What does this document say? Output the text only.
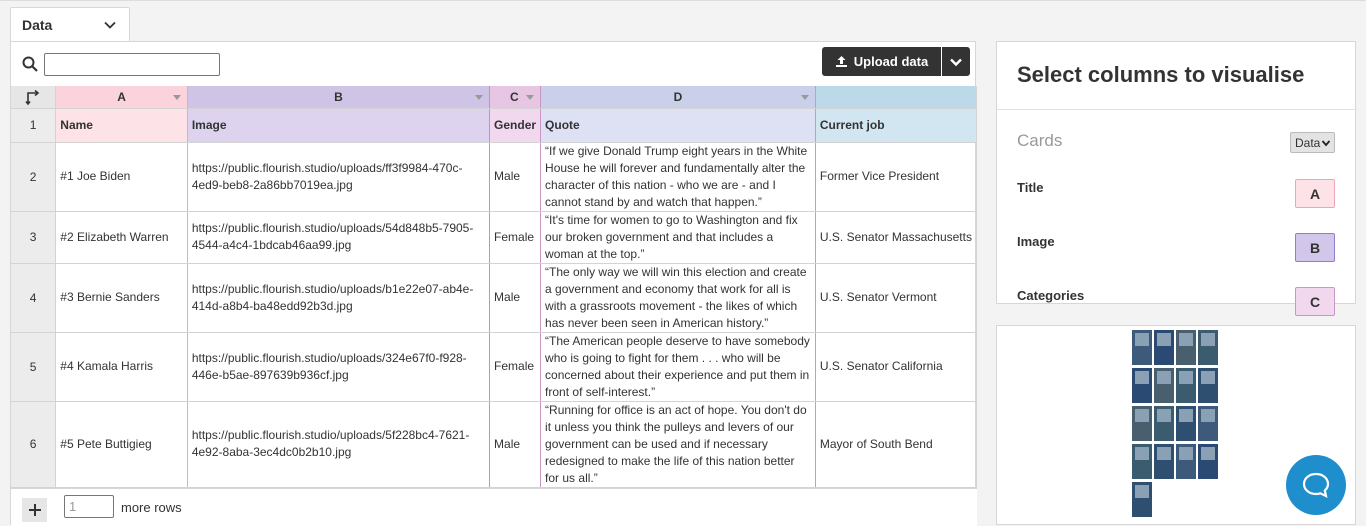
Data
Upload data
	A	B	C	D

1	Name	Image	Gender	Quote	Current job
2	#1 Joe Biden	https://public.flourish.studio/uploads/ff3f9984-470c-4ed9-beb8-2a86bb7019ea.jpg	Male	“If we give Donald Trump eight years in the White House he will forever and fundamentally alter the character of this nation - who we are - and I cannot stand by and watch that happen.”	Former Vice President
3	#2 Elizabeth Warren	https://public.flourish.studio/uploads/54d848b5-7905-4544-a4c4-1bdcab46aa99.jpg	Female	“It's time for women to go to Washington and fix our broken government and that includes a woman at the top.”	U.S. Senator Massachusetts
4	#3 Bernie Sanders	https://public.flourish.studio/uploads/b1e22e07-ab4e-414d-a8b4-ba48edd92b3d.jpg	Male	“The only way we will win this election and create a government and economy that work for all is with a grassroots movement - the likes of which has never been seen in American history.”	U.S. Senator Vermont
5	#4 Kamala Harris	https://public.flourish.studio/uploads/324e67f0-f928-446e-b5ae-897639b936cf.jpg	Female	“The American people deserve to have somebody who is going to fight for them . . . who will be concerned about their experience and put them in front of self-interest.”	U.S. Senator California
6	#5 Pete Buttigieg	https://public.flourish.studio/uploads/5f228bc4-7621-4e92-8aba-3ec4dc0b2b10.jpg	Male	“Running for office is an act of hope. You don't do it unless you think the pulleys and levers of our government can be used and if necessary redesigned to make the life of this nation better for us all.”	Mayor of South Bend

1
more rows
Select columns to visualise
Cards	Data
Title	A
Image	B
Categories	C
